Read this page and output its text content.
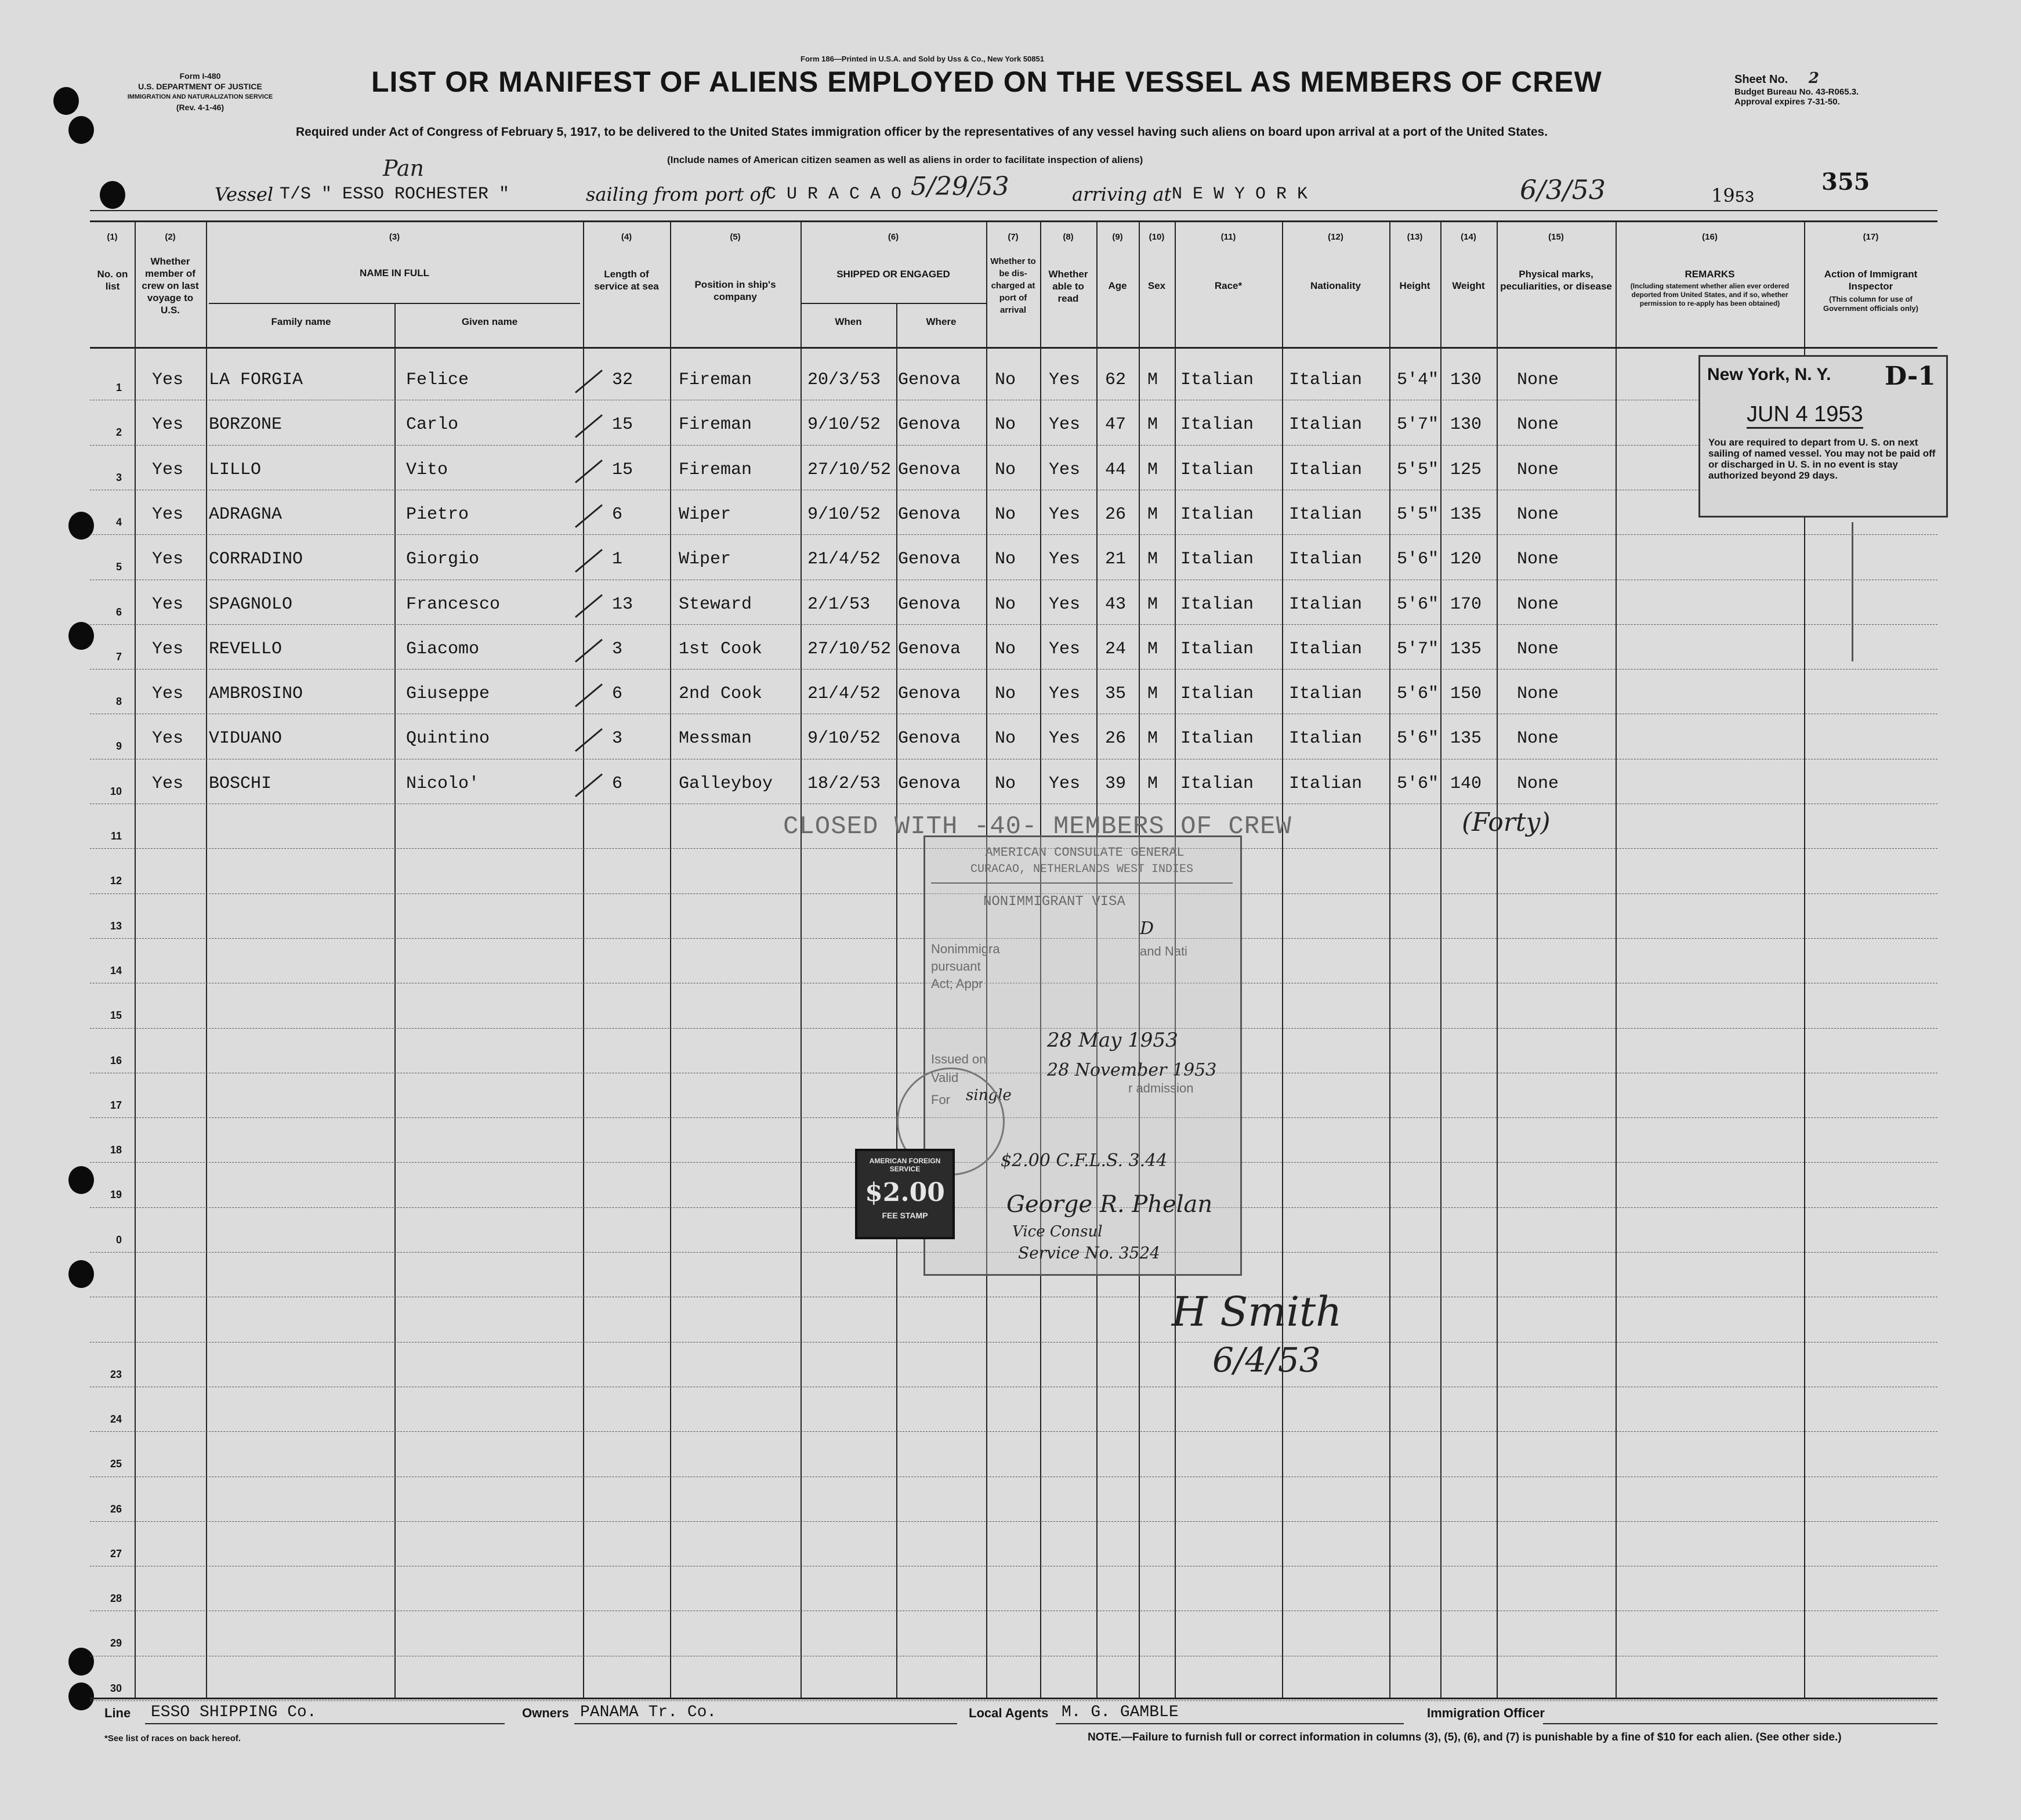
Form I-480
U.S. DEPARTMENT OF JUSTICE
IMMIGRATION AND NATURALIZATION SERVICE
(Rev. 4-1-46)
Form 186—Printed in U.S.A. and Sold by Uss & Co., New York 50851
LIST OR MANIFEST OF ALIENS EMPLOYED ON THE VESSEL AS MEMBERS OF CREW	Sheet No. 2
Budget Bureau No. 43-R065.3.
Approval expires 7-31-50.
Required under Act of Congress of February 5, 1917, to be delivered to the United States immigration officer by the representatives of any vessel having such aliens on board upon arrival at a port of the United States.
(Include names of American citizen seamen as well as aliens in order to facilitate inspection of aliens)
Vessel T/S " ESSO ROCHESTER "
Pan
sailing from port of
C U R A C A O 5/29/53	arriving at N E W Y O R K	6/3/53	1953
355
(1)	(2)	(3)	(4)	(5)	(6)	(7)	(8)	(9)	(10)	(11)	(12)	(13)	(14)	(15)	(16)	(17)
No. on list
Whether member of crew on last voyage to U.S.
NAME IN FULL
Family name	Given name
Length of service at sea	Position in ship's company
SHIPPED OR ENGAGED
When	Where
Whether to be dis-charged at port of arrival
Whether able to read
Age	Sex	Race*	Nationality	Height	Weight
Physical marks, peculiarities, or disease
REMARKS
(Including statement whether alien ever ordered deported from United States, and if so, whether permission to re-apply has been obtained)
Action of Immigrant Inspector
(This column for use of Government officials only)
11
12
13
14
15
16
17
18
19
0
23
24
25
26
27
28
29
30
1 Yes LA FORGIA	Felice	32	Fireman	20/3/53 Genova No Yes 62 M Italian Italian 5'4" 130 None
2 Yes BORZONE	Carlo	15	Fireman	9/10/52 Genova No Yes 47 M Italian Italian 5'7" 130 None
3 Yes LILLO	Vito	15	Fireman	27/10/52 Genova No Yes 44 M Italian Italian 5'5" 125 None
4 Yes ADRAGNA	Pietro	6	Wiper	9/10/52 Genova No Yes 26 M Italian Italian 5'5" 135 None
5 Yes CORRADINO	Giorgio	1	Wiper	21/4/52 Genova No Yes 21 M Italian Italian 5'6" 120 None
6 Yes SPAGNOLO	Francesco	13	Steward	2/1/53 Genova No Yes 43 M Italian Italian 5'6" 170 None
7 Yes REVELLO	Giacomo	3	1st Cook	27/10/52 Genova No Yes 24 M Italian Italian 5'7" 135 None
8 Yes AMBROSINO	Giuseppe	6	2nd Cook	21/4/52 Genova No Yes 35 M Italian Italian 5'6" 150 None
9 Yes VIDUANO	Quintino	3	Messman	9/10/52 Genova No Yes 26 M Italian Italian 5'6" 135 None
10 Yes BOSCHI	Nicolo'	6	Galleyboy 18/2/53 Genova No Yes 39 M Italian Italian 5'6" 140 None
CLOSED WITH -40- MEMBERS OF CREW	(Forty)
New York, N. Y. D-1
JUN 4 1953
You are required to depart from U. S. on next sailing of named vessel. You may not be paid off or discharged in U. S. in no event is stay authorized beyond 29 days.
AMERICAN CONSULATE GENERAL
CURACAO, NETHERLANDS WEST INDIES
NONIMMIGRANT VISA
D
Nonimmigra
pursuant
and Nati
Act; Appr
Issued on
28 May 1953
Valid	28 November 1953
For single	r admission
$2.00 C.F.L.S. 3.44
George R. Phelan
Vice Consul
Service No. 3524
AMERICAN FOREIGN SERVICE
$2.00
FEE STAMP
H Smith
6/4/53
Line ESSO SHIPPING Co.	Owners PANAMA Tr. Co.	Local Agents M. G. GAMBLE	Immigration Officer
*See list of races on back hereof.	NOTE.—Failure to furnish full or correct information in columns (3), (5), (6), and (7) is punishable by a fine of $10 for each alien. (See other side.)
